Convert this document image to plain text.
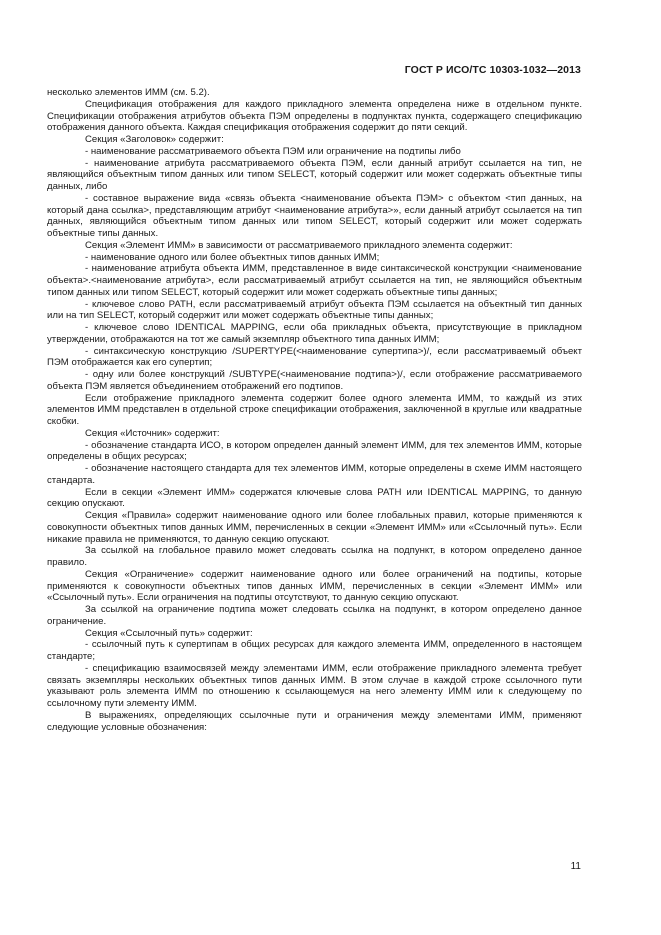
ГОСТ Р ИСО/ТС 10303-1032—2013

несколько элементов ИММ (см. 5.2).

Спецификация отображения для каждого прикладного элемента определена ниже в отдельном пункте. Спецификации отображения атрибутов объекта ПЭМ определены в подпунктах пункта, содержащего спецификацию отображения данного объекта. Каждая спецификация отображения содержит до пяти секций.

Секция «Заголовок» содержит:

- наименование рассматриваемого объекта ПЭМ или ограничение на подтипы либо

- наименование атрибута рассматриваемого объекта ПЭМ, если данный атрибут ссылается на тип, не являющийся объектным типом данных или типом SELECT, который содержит или может содержать объектные типы данных, либо

- составное выражение вида «связь объекта <наименование объекта ПЭМ> с объектом <тип данных, на который дана ссылка>, представляющим атрибут <наименование атрибута>», если данный атрибут ссылается на тип данных, являющийся объектным типом данных или типом SELECT, который содержит или может содержать объектные типы данных.

Секция «Элемент ИММ» в зависимости от рассматриваемого прикладного элемента содержит:

- наименование одного или более объектных типов данных ИММ;

- наименование атрибута объекта ИММ, представленное в виде синтаксической конструкции <наименование объекта>.<наименование атрибута>, если рассматриваемый атрибут ссылается на тип, не являющийся объектным типом данных или типом SELECT, который содержит или может содержать объектные типы данных;

- ключевое слово PATH, если рассматриваемый атрибут объекта ПЭМ ссылается на объектный тип данных или на тип SELECT, который содержит или может содержать объектные типы данных;

- ключевое слово IDENTICAL MAPPING, если оба прикладных объекта, присутствующие в прикладном утверждении, отображаются на тот же самый экземпляр объектного типа данных ИММ;

- синтаксическую конструкцию /SUPERTYPE(<наименование супертипа>)/, если рассматриваемый объект ПЭМ отображается как его супертип;

- одну или более конструкций /SUBTYPE(<наименование подтипа>)/, если отображение рассматриваемого объекта ПЭМ является объединением отображений его подтипов.

Если отображение прикладного элемента содержит более одного элемента ИММ, то каждый из этих элементов ИММ представлен в отдельной строке спецификации отображения, заключенной в круглые или квадратные скобки.

Секция «Источник» содержит:

- обозначение стандарта ИСО, в котором определен данный элемент ИММ, для тех элементов ИММ, которые определены в общих ресурсах;

- обозначение настоящего стандарта для тех элементов ИММ, которые определены в схеме ИММ настоящего стандарта.

Если в секции «Элемент ИММ» содержатся ключевые слова PATH или IDENTICAL MAPPING, то данную секцию опускают.

Секция «Правила» содержит наименование одного или более глобальных правил, которые применяются к совокупности объектных типов данных ИММ, перечисленных в секции «Элемент ИММ» или «Ссылочный путь». Если никакие правила не применяются, то данную секцию опускают.

За ссылкой на глобальное правило может следовать ссылка на подпункт, в котором определено данное правило.

Секция «Ограничение» содержит наименование одного или более ограничений на подтипы, которые применяются к совокупности объектных типов данных ИММ, перечисленных в секции «Элемент ИММ» или «Ссылочный путь». Если ограничения на подтипы отсутствуют, то данную секцию опускают.

За ссылкой на ограничение подтипа может следовать ссылка на подпункт, в котором определено данное ограничение.

Секция «Ссылочный путь» содержит:

- ссылочный путь к супертипам в общих ресурсах для каждого элемента ИММ, определенного в настоящем стандарте;

- спецификацию взаимосвязей между элементами ИММ, если отображение прикладного элемента требует связать экземпляры нескольких объектных типов данных ИММ. В этом случае в каждой строке ссылочного пути указывают роль элемента ИММ по отношению к ссылающемуся на него элементу ИММ или к следующему по ссылочному пути элементу ИММ.

В выражениях, определяющих ссылочные пути и ограничения между элементами ИММ, применяют следующие условные обозначения:

11
